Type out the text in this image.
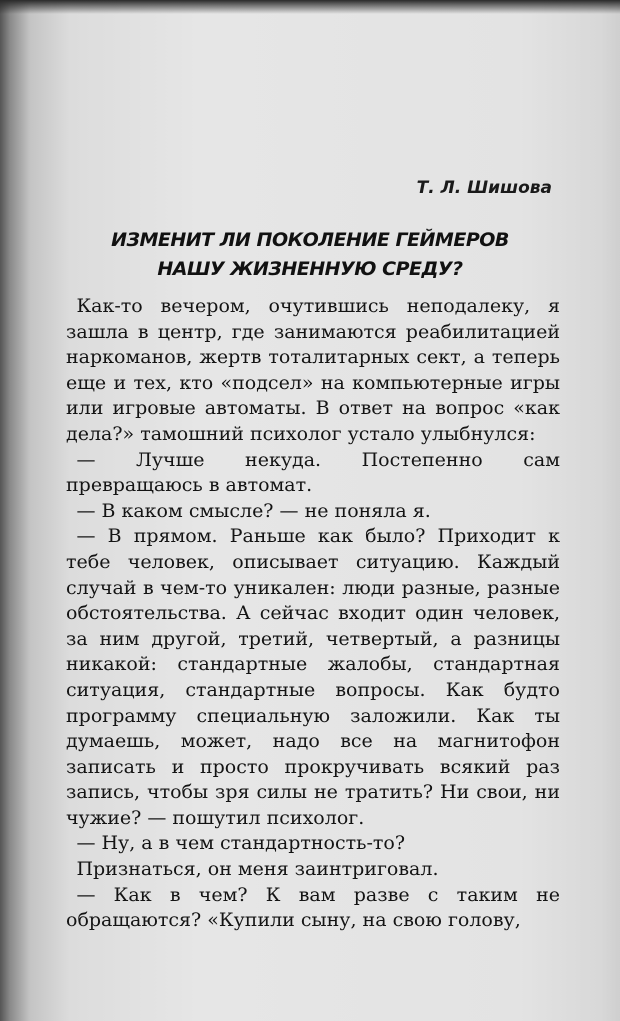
Т. Л. Шишова
ИЗМЕНИТ ЛИ ПОКОЛЕНИЕ ГЕЙМЕРОВ
НАШУ ЖИЗНЕННУЮ СРЕДУ?

Как-то вечером, очутившись неподалеку, я зашла в центр, где занимаются реабилитацией наркоманов, жертв тоталитарных сект, а теперь еще и тех, кто «подсел» на компьютерные игры или игровые автоматы. В ответ на вопрос «как дела?» тамошний психолог устало улыбнулся:

— Лучше некуда. Постепенно сам превращаюсь в автомат.

— В каком смысле? — не поняла я.

— В прямом. Раньше как было? Приходит к тебе человек, описывает ситуацию. Каждый случай в чем-то уникален: люди разные, разные обстоятельства. А сейчас входит один человек, за ним другой, третий, четвертый, а разницы никакой: стандартные жалобы, стандартная ситуация, стандартные вопросы. Как будто программу специальную заложили. Как ты думаешь, может, надо все на магнитофон записать и просто прокручивать всякий раз запись, чтобы зря силы не тратить? Ни свои, ни чужие? — пошутил психолог.

— Ну, а в чем стандартность-то?

Признаться, он меня заинтриговал.

— Как в чем? К вам разве с таким не обращаются? «Купили сыну, на свою голову,
